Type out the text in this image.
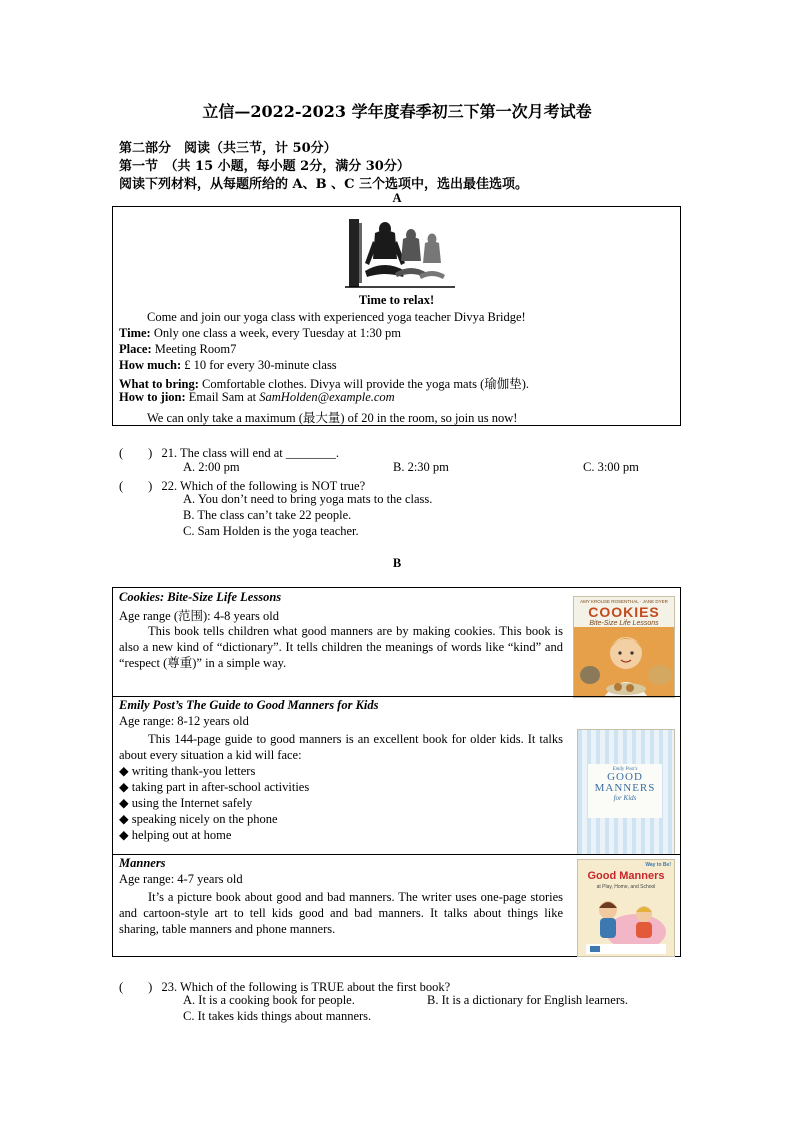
立信—2022-2023 学年度春季初三下第一次月考试卷
第二部分　阅读（共三节，计 50分）
第一节　（共 15 小题，每小题 2分，满分 30分）
阅读下列材料，从每题所给的 A、B 、C 三个选项中，选出最佳选项。
A
Time to relax!
Come and join our yoga class with experienced yoga teacher Divya Bridge!
Time: Only one class a week, every Tuesday at 1:30 pm
Place: Meeting Room7
How much: £ 10 for every 30-minute class
What to bring: Comfortable clothes. Divya will provide the yoga mats (瑜伽垫).
How to jion: Email Sam at SamHolden@example.com
We can only take a maximum (最大量) of 20 in the room, so join us now!
(　　) 21. The class will end at ________.
A. 2:00 pm	B. 2:30 pm	C. 3:00 pm
(　　) 22. Which of the following is NOT true?
A. You don’t need to bring yoga mats to the class.
B. The class can’t take 22 people.
C. Sam Holden is the yoga teacher.
B
Cookies: Bite-Size Life Lessons
Age range (范围): 4-8 years old
This book tells children what good manners are by making cookies. This book is also a new kind of “dictionary”. It tells children the meanings of words like “kind” and “respect (尊重)” in a simple way.
AMY KROUSE ROSENTHAL · JANE DYER
COOKIES
Bite-Size Life Lessons
Emily Post’s The Guide to Good Manners for Kids
Age range: 8-12 years old
This 144-page guide to good manners is an excellent book for older kids. It talks about every situation a kid will face:
◆ writing thank-you letters
◆ taking part in after-school activities
◆ using the Internet safely
◆ speaking nicely on the phone
◆ helping out at home
Emily Post's
GOOD MANNERS
for Kids
Manners
Age range: 4-7 years old
It’s a picture book about good and bad manners. The writer uses one-page stories and cartoon-style art to tell kids good and bad manners. It talks about things like sharing, table manners and phone manners.
Way to Be!
Good Manners
at Play, Home, and School
(　　) 23. Which of the following is TRUE about the first book?
A. It is a cooking book for people.	B. It is a dictionary for English learners.
C. It takes kids things about manners.
